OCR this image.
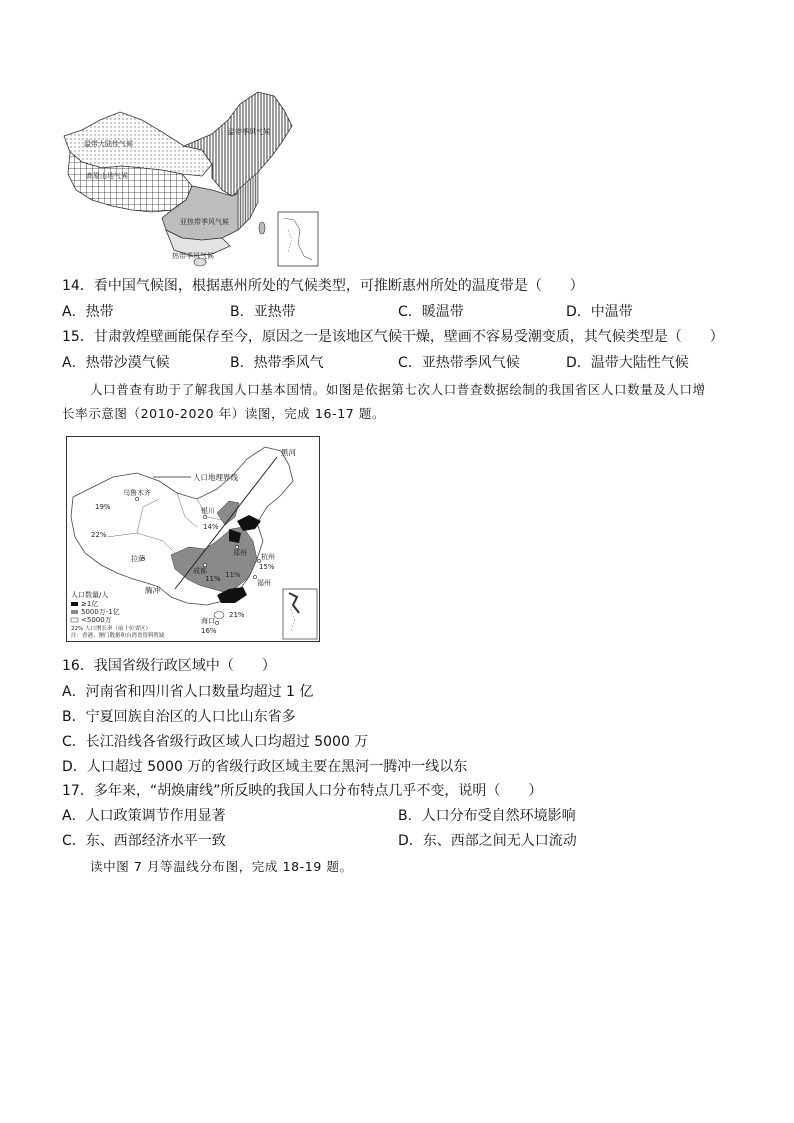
温带大陆性气候
温带季风气候
高原山地气候
亚热带季风气候
热带季风气候
14．看中国气候图，根据惠州所处的气候类型，可推断惠州所处的温度带是（　　）
A．热带	B．亚热带	C．暖温带	D．中温带
15．甘肃敦煌壁画能保存至今，原因之一是该地区气候干燥，壁画不容易受潮变质，其气候类型是（　　）
A．热带沙漠气候	B．热带季风气	C．亚热带季风气候	D．温带大陆性气候
人口普查有助于了解我国人口基本国情。如图是依据第七次人口普查数据绘制的我国省区人口数量及人口增
长率示意图（2010-2020 年）读图，完成 16-17 题。
人口地理界线
黑河
腾冲
乌鲁木齐
拉萨
银川
郑州
成都
杭州
福州
海口
19%
22%
14%
11% 11%
15%
21%
16%
人口数量/人
≥1亿
5000万-1亿
<5000万
22% 人口增长率（前十位省区）
注：香港、澳门数据和台湾省资料暂缺
16．我国省级行政区域中（　　）
A．河南省和四川省人口数量均超过 1 亿
B．宁夏回族自治区的人口比山东省多
C．长江沿线各省级行政区域人口均超过 5000 万
D．人口超过 5000 万的省级行政区域主要在黑河一腾冲一线以东
17．多年来，“胡焕庸线”所反映的我国人口分布特点几乎不变，说明（　　）
A．人口政策调节作用显著	B．人口分布受自然环境影响
C．东、西部经济水平一致	D．东、西部之间无人口流动
读中图 7 月等温线分布图，完成 18-19 题。
